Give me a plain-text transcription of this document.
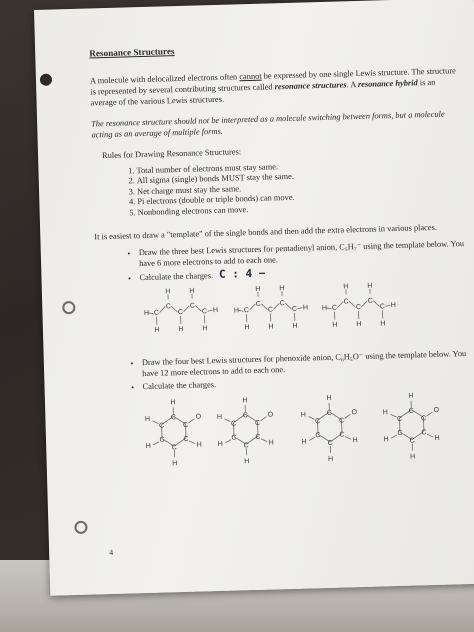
Resonance Structures

A molecule with delocalized electrons often cannot be expressed by one single Lewis structure. The structure is represented by several contributing structures called resonance structures. A resonance hybrid is an average of the various Lewis structures.

The resonance structure should not be interpreted as a molecule switching between forms, but a molecule acting as an average of multiple forms.

Rules for Drawing Resonance Structures:

1. Total number of electrons must stay same.
2. All sigma (single) bonds MUST stay the same.
3. Net charge must stay the same.
4. Pi electrons (double or triple bonds) can move.
5. Nonbonding electrons can move.

It is easiest to draw a "template" of the single bonds and then add the extra electrons in various places.

• Draw the three best Lewis structures for pentadienyl anion, C₅H₇⁻ using the template below. You have 6 more electrons to add to each one.
• Calculate the charges. C : 4 −
C
C
H
C
H
C
H
C
H	H
H	H
C
C
H
C
H
C
H
C
H	H
H	H
C
C
H
C
H
C
H
C
H	H
H	H
• Draw the four best Lewis structures for phenoxide anion, C₆H₅O⁻ using the template below. You have 12 more electrons to add to each one.
• Calculate the charges.
C
C
C
C
C
C
H
O
H
H
H
H
C
C
C
C
C
C
H
O
H
H
H
H
C
C
C
C
C
C
H
O
H
H
H
H
C
C
C
C
C
C
H
O
H
H
H
H
4
